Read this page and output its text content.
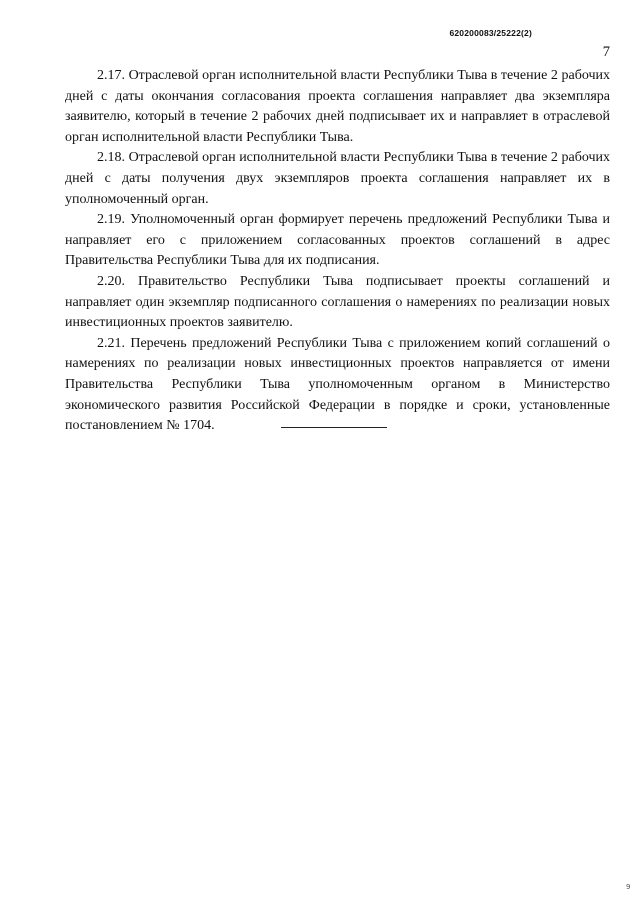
620200083/25222(2)
7

2.17. Отраслевой орган исполнительной власти Республики Тыва в течение 2 рабочих дней с даты окончания согласования проекта соглашения направляет два экземпляра заявителю, который в течение 2 рабочих дней подписывает их и направляет в отраслевой орган исполнительной власти Республики Тыва.

2.18. Отраслевой орган исполнительной власти Республики Тыва в течение 2 рабочих дней с даты получения двух экземпляров проекта соглашения направляет их в уполномоченный орган.

2.19. Уполномоченный орган формирует перечень предложений Республики Тыва и направляет его с приложением согласованных проектов соглашений в адрес Правительства Республики Тыва для их подписания.

2.20. Правительство Республики Тыва подписывает проекты соглашений и направляет один экземпляр подписанного соглашения о намерениях по реализации новых инвестиционных проектов заявителю.

2.21. Перечень предложений Республики Тыва с приложением копий соглашений о намерениях по реализации новых инвестиционных проектов направляется от имени Правительства Республики Тыва уполномоченным органом в Министерство экономического развития Российской Федерации в порядке и сроки, установленные постановлением № 1704.

9
